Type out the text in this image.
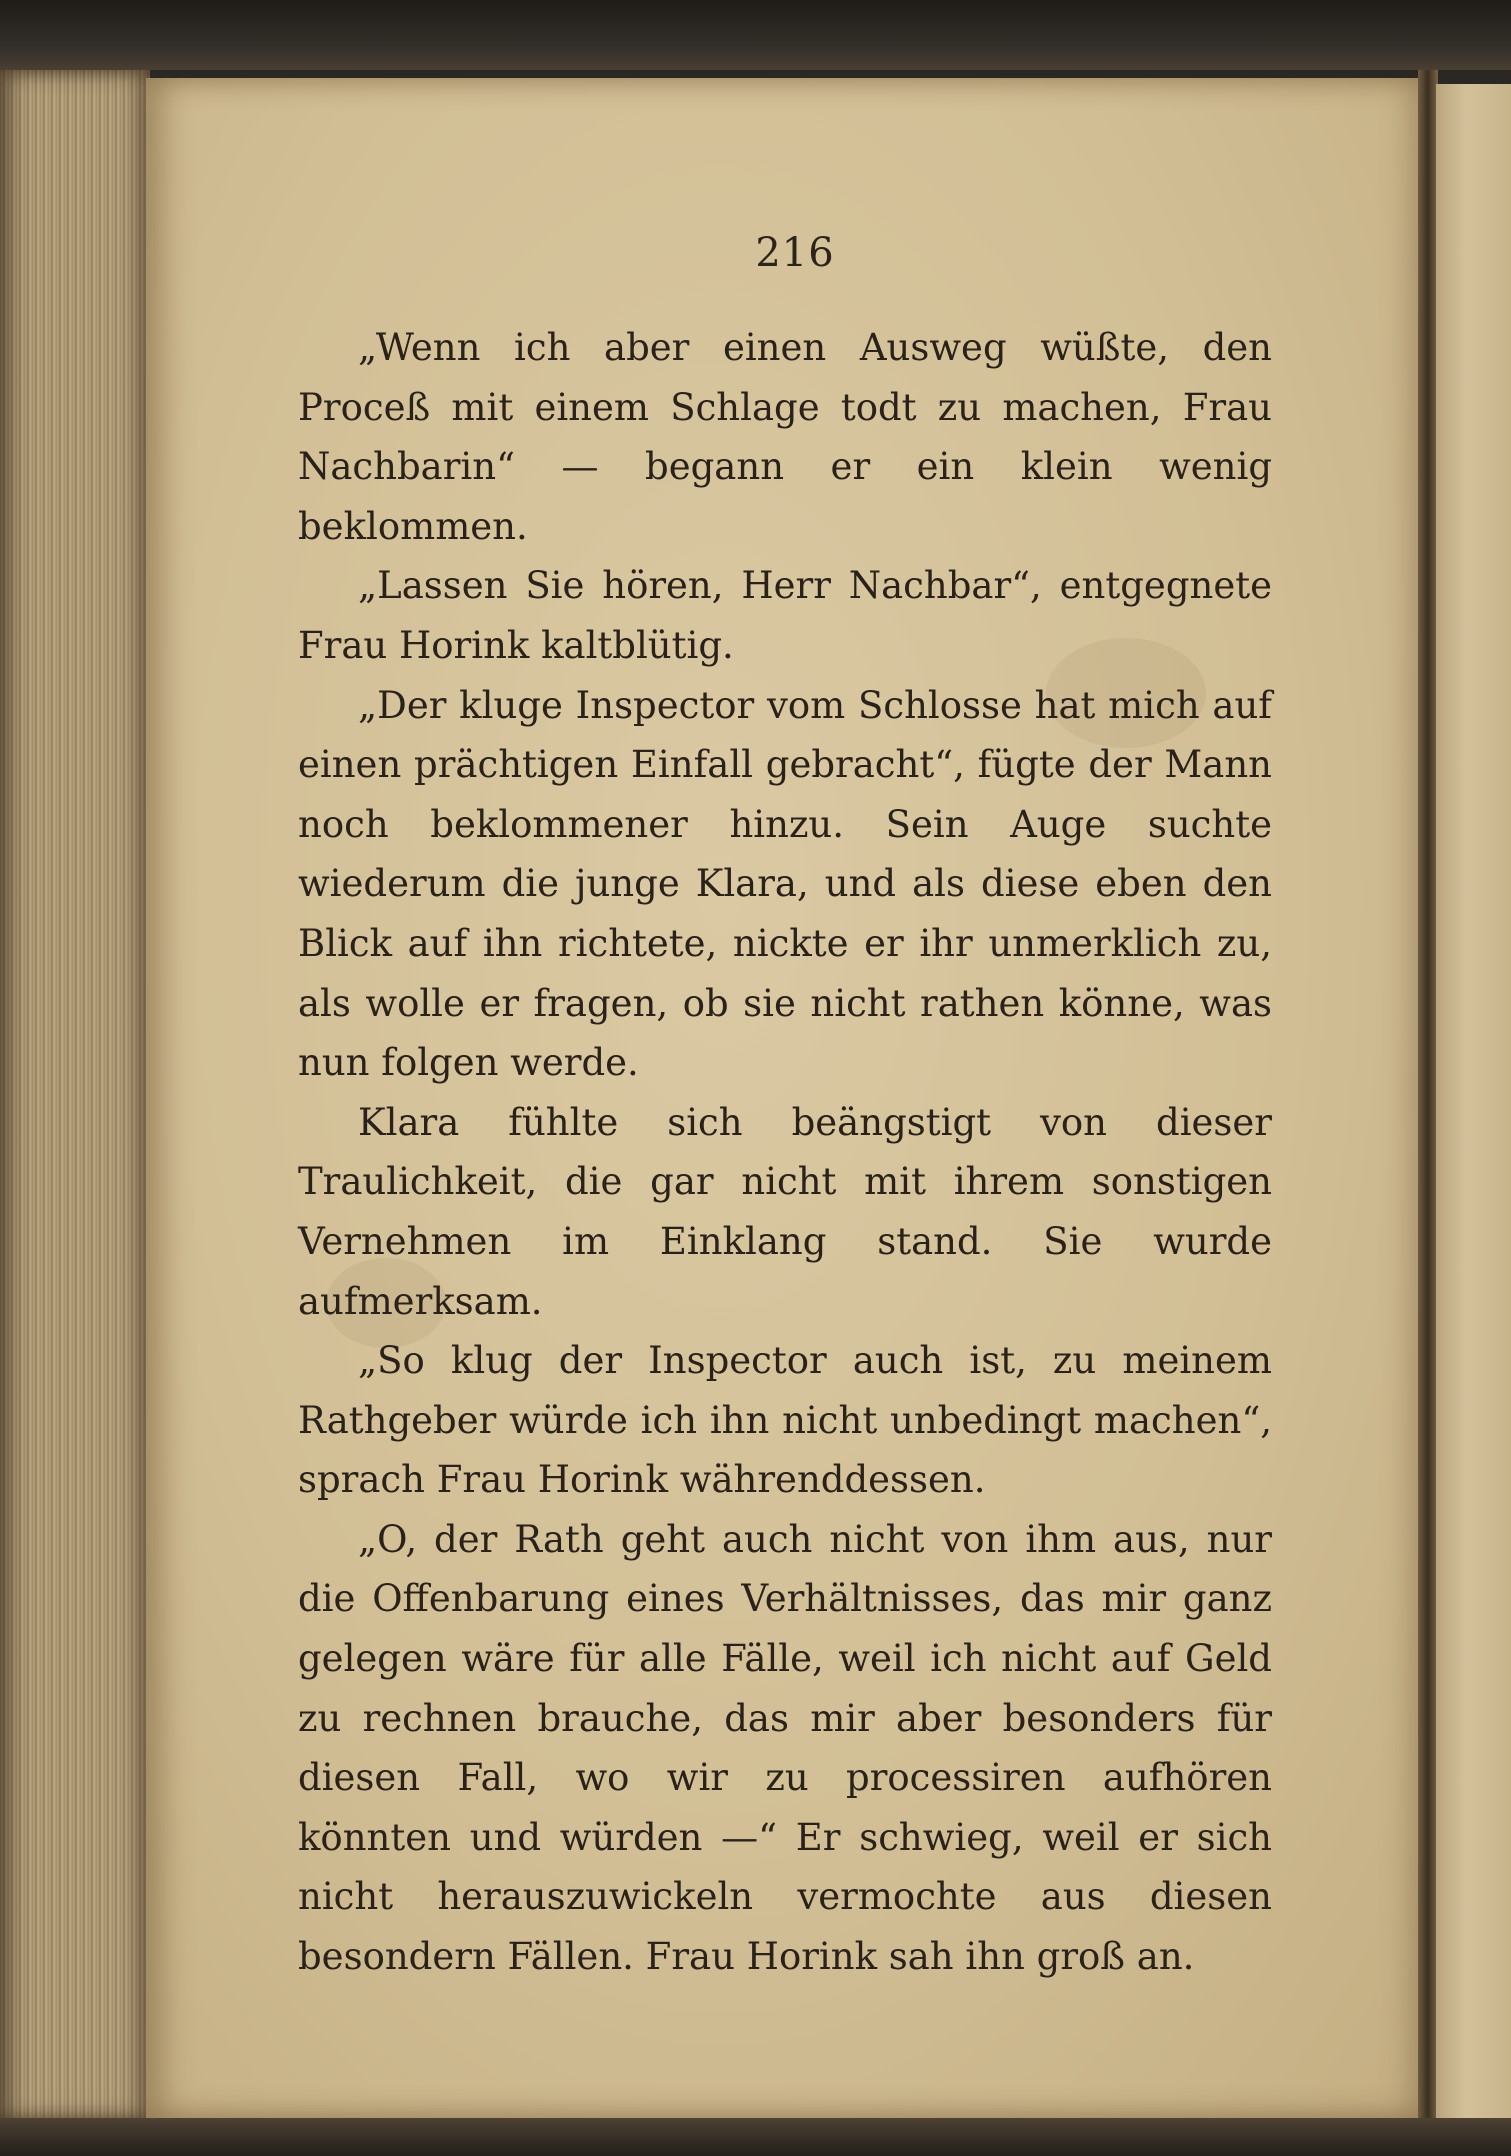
216

„Wenn ich aber einen Ausweg wüßte, den Proceß mit einem Schlage todt zu machen, Frau Nachbarin“ — begann er ein klein wenig beklommen.

„Lassen Sie hören, Herr Nachbar“, entgegnete Frau Horink kaltblütig.

„Der kluge Inspector vom Schlosse hat mich auf einen prächtigen Einfall gebracht“, fügte der Mann noch beklommener hinzu. Sein Auge suchte wiederum die junge Klara, und als diese eben den Blick auf ihn richtete, nickte er ihr unmerklich zu, als wolle er fragen, ob sie nicht rathen könne, was nun folgen werde.

Klara fühlte sich beängstigt von dieser Traulichkeit, die gar nicht mit ihrem sonstigen Vernehmen im Einklang stand. Sie wurde aufmerksam.

„So klug der Inspector auch ist, zu meinem Rathgeber würde ich ihn nicht unbedingt machen“, sprach Frau Horink währenddessen.

„O, der Rath geht auch nicht von ihm aus, nur die Offenbarung eines Verhältnisses, das mir ganz gelegen wäre für alle Fälle, weil ich nicht auf Geld zu rechnen brauche, das mir aber besonders für diesen Fall, wo wir zu processiren aufhören könnten und würden —“ Er schwieg, weil er sich nicht herauszuwickeln vermochte aus diesen besondern Fällen. Frau Horink sah ihn groß an.
